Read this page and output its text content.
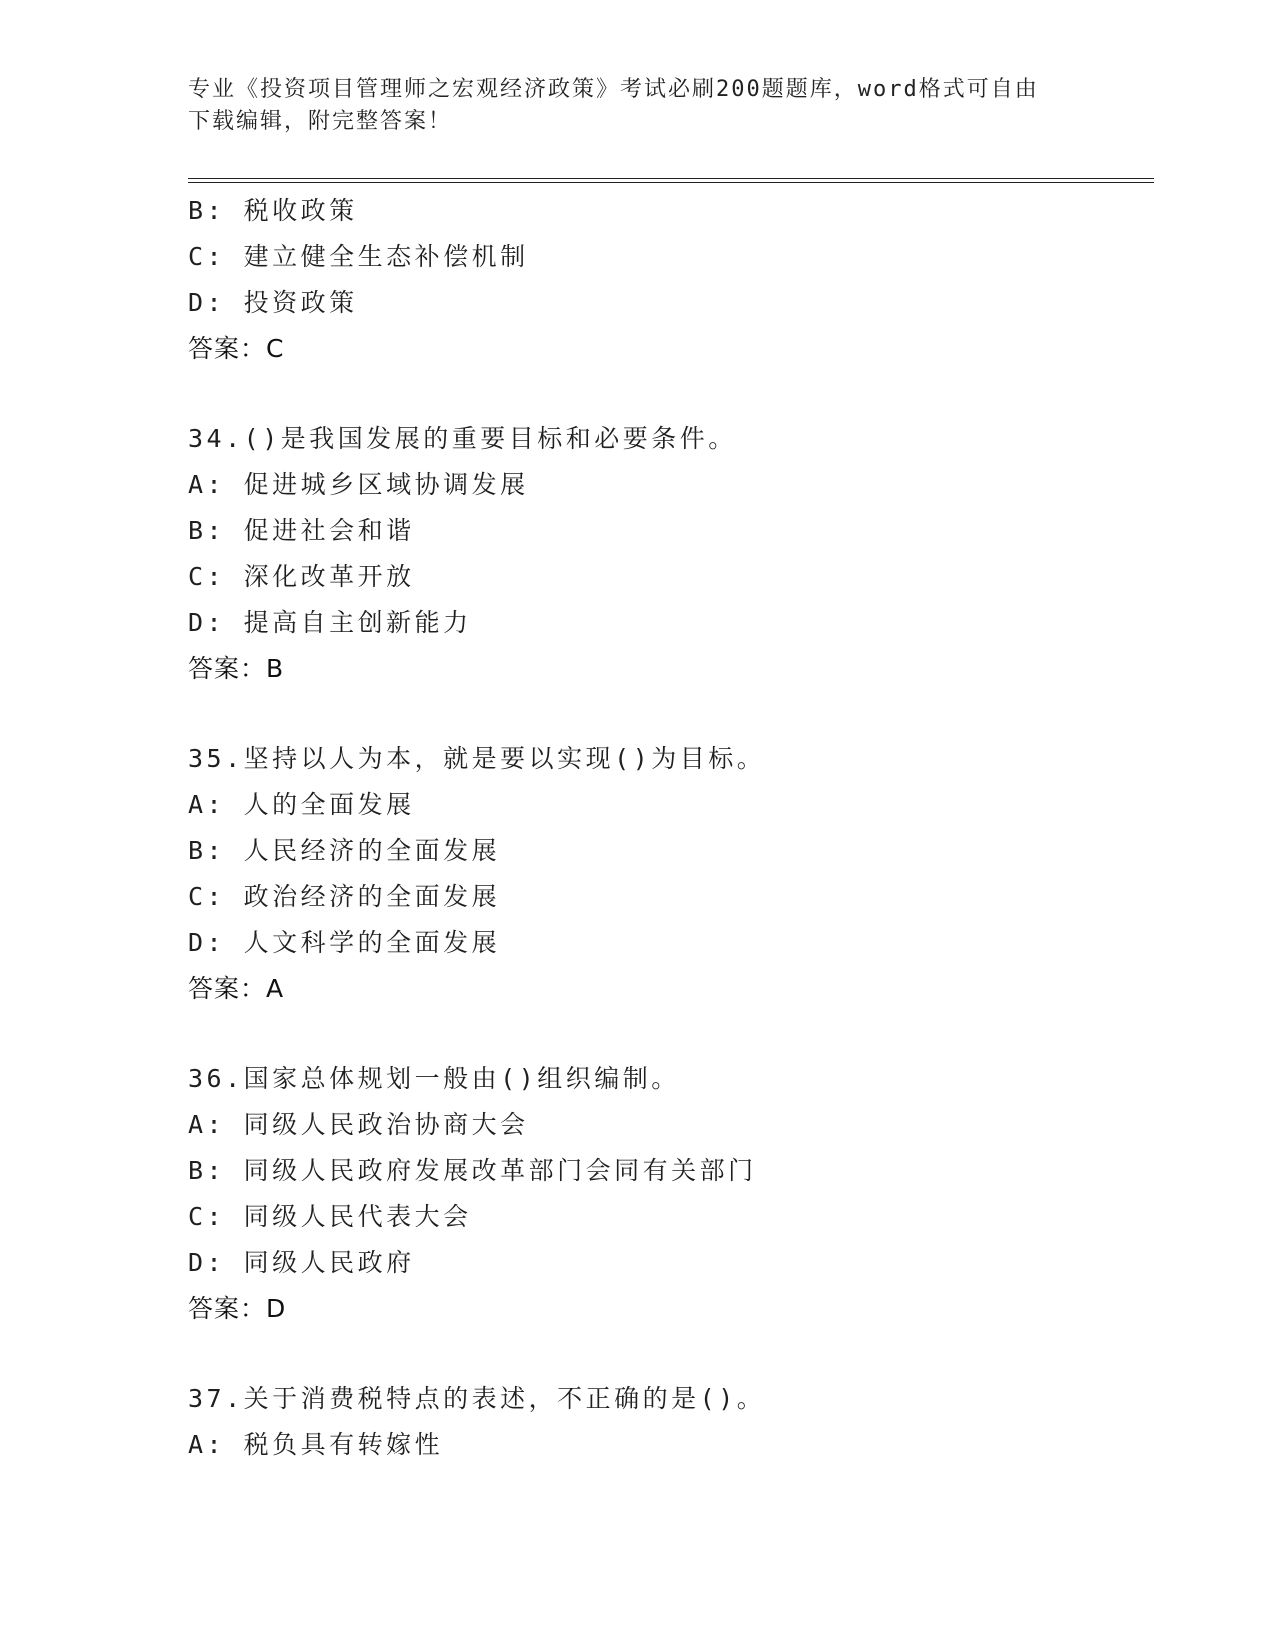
专业《投资项目管理师之宏观经济政策》考试必刷200题题库，word格式可自由
下载编辑，附完整答案！
B: 税收政策
C: 建立健全生态补偿机制
D: 投资政策
答案：C
34.()是我国发展的重要目标和必要条件。
A: 促进城乡区域协调发展
B: 促进社会和谐
C: 深化改革开放
D: 提高自主创新能力
答案：B
35.坚持以人为本，就是要以实现()为目标。
A: 人的全面发展
B: 人民经济的全面发展
C: 政治经济的全面发展
D: 人文科学的全面发展
答案：A
36.国家总体规划一般由()组织编制。
A: 同级人民政治协商大会
B: 同级人民政府发展改革部门会同有关部门
C: 同级人民代表大会
D: 同级人民政府
答案：D
37.关于消费税特点的表述，不正确的是()。
A: 税负具有转嫁性
